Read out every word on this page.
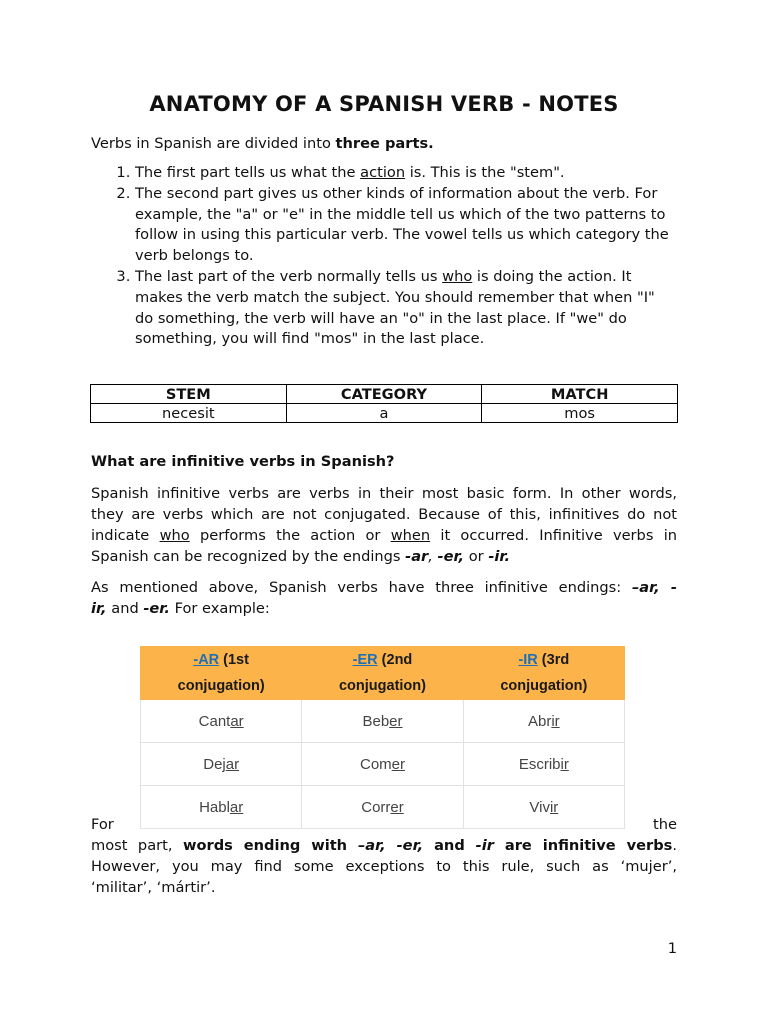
ANATOMY OF A SPANISH VERB - NOTES
Verbs in Spanish are divided into three parts.
1. The first part tells us what the action is. This is the "stem".
2. The second part gives us other kinds of information about the verb. For example, the "a" or "e" in the middle tell us which of the two patterns to follow in using this particular verb. The vowel tells us which category the verb belongs to.
3. The last part of the verb normally tells us who is doing the action. It makes the verb match the subject. You should remember that when "I" do something, the verb will have an "o" in the last place. If "we" do something, you will find "mos" in the last place.
STEM	CATEGORY	MATCH
necesit	a	mos
What are infinitive verbs in Spanish?
Spanish infinitive verbs are verbs in their most basic form. In other words,
they are verbs which are not conjugated. Because of this, infinitives do not
indicate who performs the action or when it occurred. Infinitive verbs in
Spanish can be recognized by the endings -ar, -er, or -ir.
As mentioned above, Spanish verbs have three infinitive endings: –ar, -
ir, and -er. For example:
-AR (1st
conjugation)	-ER (2nd
conjugation)	-IR (3rd
conjugation)
Cantar	Beber	Abrir
Dejar	Comer	Escribir
Hablar	Correr	Vivir
For	the
most part, words ending with –ar, -er, and -ir are infinitive verbs.
However, you may find some exceptions to this rule, such as ‘mujer’,
‘militar’, ‘mártir’.
1
